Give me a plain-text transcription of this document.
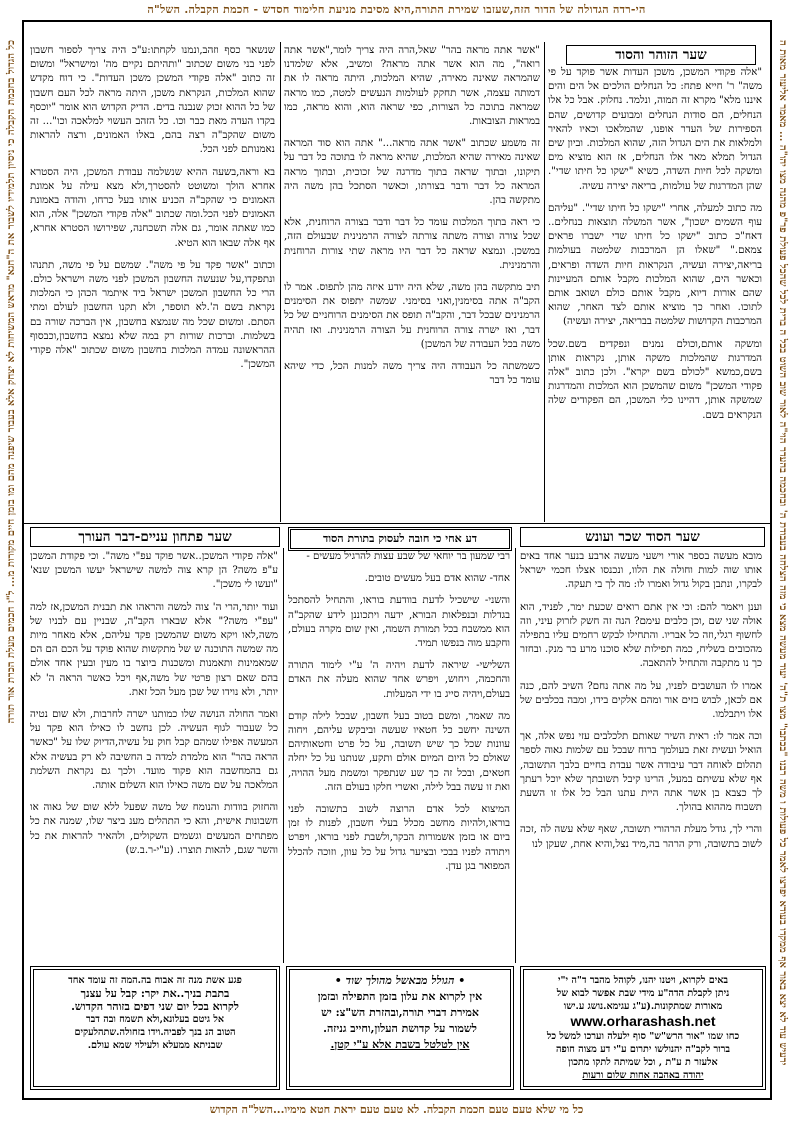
הי-רדה הגדולה של הדור הזה,שעזבו שמירת התורה,היא מסיבת מניעת חלימוד חסדש - חכמת הקבלה. השל"ה
כל מי שלא טעם טעם חכמת הקבלה. לא טעם טעם יראת חטא מימיו...השל"ה הקדוש
ירעיש עוד לא יצא באור אף ממקדו בעודא יפרצו לאמר כל פעולות ו משה רבנו "בכתבו" מצו ת"ה' יעוד מעשה מצא כי מזה הצלחה בעבודת ה' ובחכמה בהעדר הוי"ה לאור שוב השוט בכל ה ברית לכל שהכל פעולת פר"פ מהנה מצו יהו"ה ... מאמר אליעזר מאות ה
כל הגדול בחכמת הקבלה כי ניסיון תלמידיו לשבור את ה"חגא" מראש המשיחות לא יצחק אלא בעבור שיפנה מהם ומו בזמן חיים מקורות מ... ל"ז חכמים מעלת הכרת אור תורה	שער הזוהר והסוד

"אלה פקודי המשכן, משכן העדות אשר פוקד על פי משה" ר' חייא פתח: כל הנחלים הולכים אל הים והים איננו מלא" מקרא זה תמוה, ונלמד. נחלוק. אבל כל אלו הנחלים, הם סודות הנחלים ומבועים קדושים, שהם הספירות של העדר אופנו, שהמלאכו וכאיו להאיר ולמלאות את הים הגדול הזה, שהוא המלכות. וביון שים הגדול תמלא מאר אלו הנחלים, אז הוא מוציא מים ומשקה לכל חיות השדה, כשיא "ישקו כל חיתו שדי". שהן המדרגות של עולמות, בריאה יצירה עשיה.

מה כתוב למעלה, אחרי "ישקו כל חיתו שדי". "עליהם עוף השמים ישכון", אשר המשלה תוצאות בנחלים.. דאח"כ כתוב "ישקו כל חיתו שדי ישברו פראים צמאם." "שאלו הן המרכבות שלמטה בעולמות בריאה,יצירה ועשיה, הנקראות חיות השדה ופראים, וכאשר הים, שהוא המלכות מקבל אותם המעיינות שהם אורות דיוא, מקבל אותם כולם ושואב אותם לתוכו. ואחר כך מוציא אותם לצד האחר, שהוא המרכבות הקדושות שלמטה בבריאה, יצירה ועשיה)

ומשקה אותם,וכולם נמנים ונפקדים בשם.שכל המדרגות שהמלכות משקה אותן, נקראות אותן בשם,כמשא "לכולם בשם יקרא". ולכן כתוב "אלה פקודי המשכן" משום שהמשכן הוא המלכות והמדרגות שמשקה אותן, דהיינו כלי המשכן, הם הפקודים שלה הנקראים בשם.

"אשר אתה מראה בהר" שאל,הרה היה צריך לומר,"אשר אתה רואה", מה הוא אשר אתה מראה? ומשיב, אלא שלמדנו שהמראה שאינה מאירה, שהיא המלכות, היתה מראה לו את דמותה עצמה, אשר תחקק לעולמות הנעשים למטה, כמו מראה שמראה בתוכה כל הצורות, כפי שראה הוא, והוא מראה, כמו במראות הצובאות.

זה משמע שכתוב "אשר אתה מראה..." אתה הוא סוד המראה שאינה מאירה שהיא המלכות, שהיא מראה לו בתוכה כל דבר על תיקונו, ובתוך שראה בתוך מדרגה של זכוכית, ובתוך מראה המראה כל דבר ודבר בצורתו, וכאשר הסתכל בהן משה היה מתקשה בהן.

כי ראה בתוך המלכות עומד כל דבר ודבר בצורה הרוחנית, אלא שכל צורה וצורה משתה צורתה לצורה הרמנינית שבעולם הזה, במשכן. ונמצא שראה כל דבר היו מראה שתי צורות הרוחנית והרמנינית.

תיב מתקשה בהן משה, שלא היה יודע איזה מהן לתפוס. אמר לו הקב"ה אתה בסימנין,ואני בסימני. שמשה יתפוס את הסימנים הרמנינים שבכל דבר, והקב"ה תופס את הסימנים הרוחניים של כל דבר, ואז ישרה צורה הרוחנית על הצורה הרמנינית. ואז תהיה משה בכל העבודה של המשכן)

כשמשתה כל העבודה היה צריך משה למנות הכל, כדי שיהא עומד כל דבר

שנשאר כסף וזהב,ונמנו לקחתו:ע"כ היה צריך לספור חשבון לפני בני משום שכתוב "ותהיתם נקיים מה' ומישראל" ומשום זה כתוב "אלה פקודי המשכן משכן העדות". כי דוח מקדש שהוא המלכות, הנקראת משכן, היתה מראה לכל העם חשבון של כל ההוא זכוק שנבנה בדים. הדיק הקדוש הוא אומר "יוכסף בקדו העדה מאת כבר וכו. כל הזהב העשוי למלאכה וכו"... זה משום שהקב"ה רצה בהם, באלו האמונים, ורצה להראות נאמנותם לפני הכל.

בא וראה,בשעה ההיא שנשלמה עבודת המשכן, היה הסטרא אחרא הולך ומשוטט להסטרך,ולא מצא עילה על אמונת האמונים כי שהקב"ה הכניע אותו בעל כרחו, והודה באמונת האמונים לפני הכל.ומה שכתוב "אלה פקודי המשכן" אלה, הוא כמו שאתה אומר, גם אלה תשכחנה, שפירושו הסטרא אחרא, אף אלה שבאו הוא הטיא.

וכתוב "אשר פקד על פי משה". שמשם על פי משה, תתנהו ונתפקדו,על שנעשה החשבון המשכן לפני משה וישראל כולם. הרי כל החשבון המשכן ישראל ביד איתמר הכהן כי המלכות נקראת בשם ה'.לא תוספר, ולא תקנו החשבון לעולם ומתי הסתם. ומשום שכל מה שנמצא בחשבון, אין הברכה שורה בם בשלמות. וברכות שורות רק במה שלא נמצא בחשבון,וכבסוף ההראשונה עמדה המלכות בחשבון משום שכתוב "אלה פקודי המשכן".

שער הסוד שכר ועונש
דע אחי כי חובה לעסוק בתורת הסוד
שער פתחון עניים-דבר העורך

מובא מעשה בספר אורי וישעי מעשה ארבע בנער אחד באים אותו שוה למות וחולה את הלוו, ונכנסו אצלו חכמי ישראל לבקרו, ונתבן בקול גדול ואמרו לו: מה לך בי תעקה.

וענן ויאמר להם: וכי אין אתם רואים שכעת ימר, לפניד, הוא אולה שני שם ,וכן כלבים עימם? הנה זה חשק לזרוק עיני, וזה לחשוף רגלי,וזה כל אבריו. והתחילו לבקש רחמים עליו בתפילה מהכובים בשליח, כמה תפילות שלא סוכנו מרע בר מנק. ובחזר כך נו מתקבה והתחיל להתאבה.

אמרו לו העושבים לפניו, על מה אתה נחם? השיב להם, כנה אם לכאן, לבוש בזים אור ומהם אלקים בידו, ומבה בכלבים של אלו ויתבלמו.

וכה אמר לו: ראית השיר שאותם תלכלבים עזי נפש אלה, אך הואיל ועשית זאת בעולמך ברוח שבכל עם שלמות גאוה לספר תהלום לאוחה דבר עיבודה אשר עבדת בחיים בלבך התשובה, אף שלא עשיתם במעל, הרינו קיבל תשובתך שלא יוכל רעתך לך כצבא בן אשר אתה היית עתנו הבל כל אלו זו השעת תשבוח מההוא בהולך.

והרי לך, גודל מעלת הרהורי תשובה, שאף שלא עשה לה ,זכה לשוב בתשובה, ורק הרהר בה,מיד נצל,והיא אחת, שעקן לנו

רבי שמעון בר יוחאי של שבע עצות להרגיל מעשים -

אחד- שהוא אדם בעל מעשים טובים.

והשני- שישכיל לדעת בוודעת בוראו, והתחיל להסתכל בגדלות ובנפלאות הבורא, ידעה ויתכוננן לידע שהקב"ה הוא ממשבח בכל תמורת השמה, ואין שום מקרה בעולם, וחקבע מוה בנפשו תמיד.

השלישי- שיראה לדעת ויהיה ה' ע"י לימוד התורה והחכמה, ויחוש, ויפרש אחד שהוא מעלה את האדם בעולם,ויהיה סייג בו ידי המעלות.

מה שאמר, ומשם בטוב בעל חשבון, שבכל לילה קודם השינה יחשב כל חטאיו שעשה וביבקש עליהם, ויחוה עוונות שכל כך שיש תשובה, על כל פרט וחטאותיהם שאולם כל היום המיום אולם ותקע, שנותנו על כל יחלה חטאים, ובכל זה כך שע שנתפקר ומשמת מעל ההויה, ואת זו עשה בבל לילה, ואשרי חלקו בעולם הזה.

המיצוא לכל אדם הרוצה לשוב בתשובה לפני בוראו,ולהיות מחשב מכלל בעלי חשבון, לפנות לו זמן ביום או בזמן אשמורות הבקר,ולשבת לפני בוראו, ויפרט ויתודה לפניו בבכי ובציער גדול על כל עוון, וזוכה להכלל המפואר בגן עדן.

"אלה פקודי המשכן..אשר פוקד עפ"י משה". וכי פקודת המשכן ע"פ משה? הן קרא צוה למשה שישראל יעשו המשכן שנא' "ועשו לי משכן".

ועוד יותר,הרי ה' צוה למשה והראהו את תבנית המשכן,אז למה "עפ"י משה?" אלא שבארו הקב"ה, שבניין עם לבניו של משה,לאו ויקא משום שהמשכן פקד עליהם, אלא מאחר מיות מה שמשה התוכנה ש של מתקשות שהוא פוקד על הכם הם הם שמאמינות ותאמנות ומשכנות ביוצר בו מעין ובעין אחד אולם בהם שאם רצון פרטי של משה,אף ויכל כאשר הראה ה' לא יותר, ולא נוידו של שכן מעל הכל זאת.

ואמר החולה הנושה שלו כמותנו ישרה לחרבות, ולא שום נטיה כל שעבור לגוף העשיה. לכן נחשב לו כאילו הוא פקד על המעשה אפילו שמהם קבל חוק על עשיה,הדיוק שלו על "כאשר הראה בהר" הוא מלמדת למדה ב החשיבה לא רק בעשיה אלא גם בהמחשבה הוא פקוד מועד. ולכך גם נקראת השלמת המלאכה על שם משה כאילו הוא השלום אותה.

והחזוק בוודות והנומח של משה שפעל ללא שום של גאוה או חשבונות אישית, והא כי התהלים מענ ביצר שלו, שמנה את כל מפתחים המעשים וגשמים השקולים, ולהאיר להראות את כל והשר שגם, להאות תוצרו. (ע"י-ר.ב.ש)

באים לקרוא, ויטנו יהנו, לקוהל מהבר ד"ה י"י
ניתן לקבלת הדה"ע מידי שבת אפשר לבוא של
מאורות שמתקונות.(ע"ג עגימא.נושג ע.ישו
www.orharashash.net
כחו שמו "אור הרש"ש" סוף ילעלה וערכו למשל כל
ברור לקב"ה יהנולשו יתרום ע"י דע מצוה חופה
אלעזר ת ע"ת , וכל שמיתה לתקו מתכון
יהודה באהבה אחות שלום ורעות
• הגולל מבאשל מהולך שוד •
אין לקרוא את עלון בזמן התפילה ובזמן
אמירת דברי תורה,ובהזרת הש"צ: יש
לשמור על קדושת העלון,וחייב גניזה.
אין לטלטל בשבת אלא ע"י קטן.
פגע אשת מנה זה אבוח בה.המה זה עומד אחד
בתבת בניך..את יקר: קבל על עצנך
לקרוא בכל יום שני דפים בזוהר הקדוש.
אל גיטם בעלונא,ולא תשמח ובה דבר
הטוב הנ בנך לפביה.וידו בזחולה.שתהלעקים
שבניתא ממעלא ולעילוי שמא עולם.
